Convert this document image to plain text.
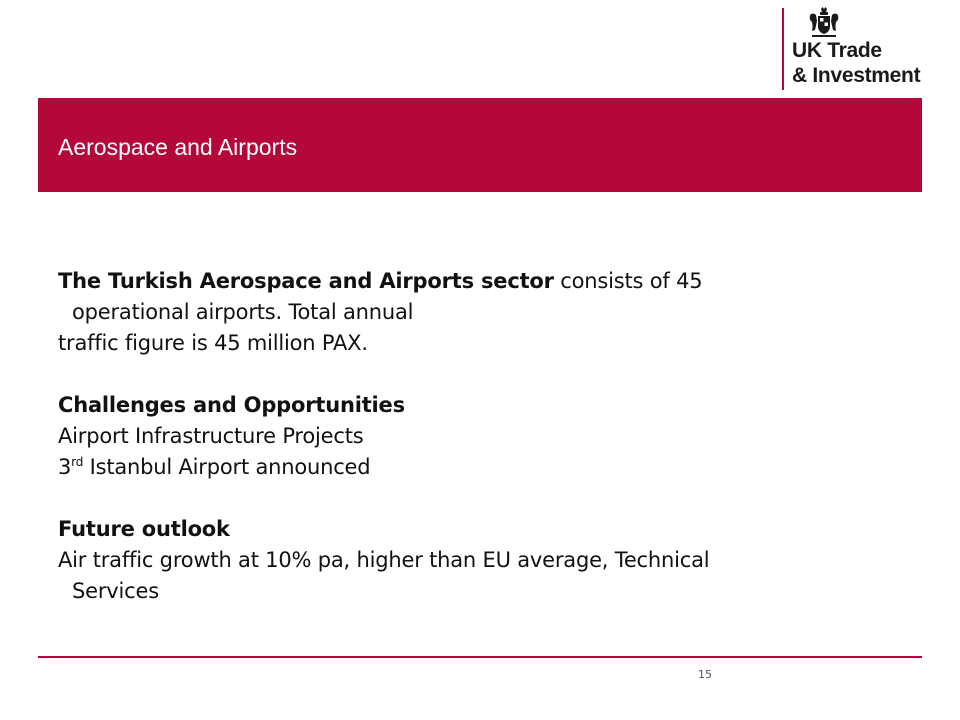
UK Trade
& Investment
Aerospace and Airports

The Turkish Aerospace and Airports sector consists of 45

operational airports. Total annual

traffic figure is 45 million PAX.

Challenges and Opportunities

Airport Infrastructure Projects

3rd Istanbul Airport announced

Future outlook

Air traffic growth at 10% pa, higher than EU average, Technical

Services

15
